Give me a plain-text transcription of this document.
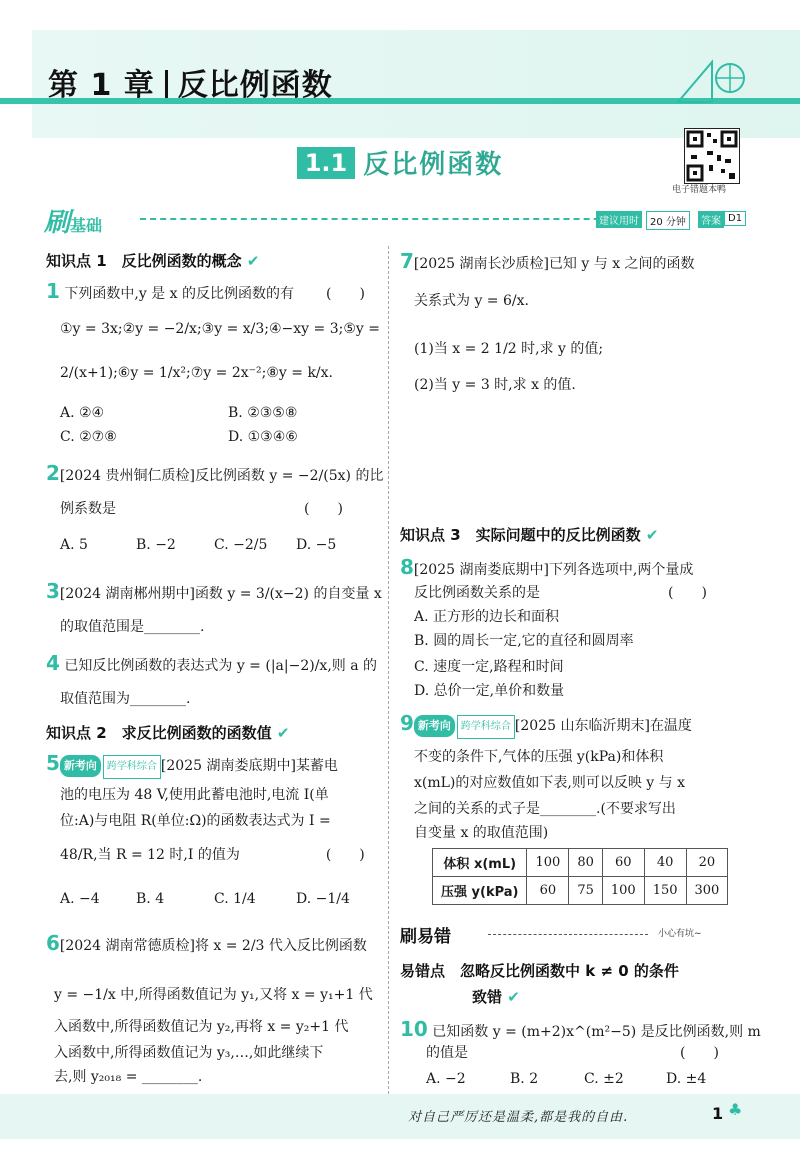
第 1 章 反比例函数
1.1 反比例函数
电子错题本鸭
刷基础	建议用时	20 分钟	答案 D1
知识点 1　反比例函数的概念 ✔
1 下列函数中,y 是 x 的反比例函数的有 (　　)
①y = 3x;②y = −2/x;③y = x/3;④−xy = 3;⑤y =
2/(x+1);⑥y = 1/x²;⑦y = 2x⁻²;⑧y = k/x.
A. ②④	B. ②③⑤⑧
C. ②⑦⑧	D. ①③④⑥
2[2024 贵州铜仁质检]反比例函数 y = −2/(5x) 的比
例系数是	(　　)
A. 5	B. −2	C. −2/5 D. −5
3[2024 湖南郴州期中]函数 y = 3/(x−2) 的自变量 x
的取值范围是________.
4 已知反比例函数的表达式为 y = (|a|−2)/x,则 a 的
取值范围为________.
知识点 2　求反比例函数的函数值 ✔
5 新考向 跨学科综合 [2025 湖南娄底期中]某蓄电
池的电压为 48 V,使用此蓄电池时,电流 I(单
位:A)与电阻 R(单位:Ω)的函数表达式为 I =
48/R,当 R = 12 时,I 的值为	(　　)
A. −4	B. 4	C. 1/4	D. −1/4
6[2024 湖南常德质检]将 x = 2/3 代入反比例函数
y = −1/x 中,所得函数值记为 y₁,又将 x = y₁+1 代
入函数中,所得函数值记为 y₂,再将 x = y₂+1 代
入函数中,所得函数值记为 y₃,…,如此继续下
去,则 y₂₀₁₈ = ________.
7[2025 湖南长沙质检]已知 y 与 x 之间的函数
关系式为 y = 6/x.
(1)当 x = 2 1/2 时,求 y 的值;
(2)当 y = 3 时,求 x 的值.
知识点 3　实际问题中的反比例函数 ✔
8[2025 湖南娄底期中]下列各选项中,两个量成
反比例函数关系的是	(　　)
A. 正方形的边长和面积
B. 圆的周长一定,它的直径和圆周率
C. 速度一定,路程和时间
D. 总价一定,单价和数量
9 新考向 跨学科综合 [2025 山东临沂期末]在温度
不变的条件下,气体的压强 y(kPa)和体积
x(mL)的对应数值如下表,则可以反映 y 与 x
之间的关系的式子是________.(不要求写出
自变量 x 的取值范围)
体积 x(mL)	100	80	60	40	20
压强 y(kPa)	60	75	100	150	300
刷易错	小心有坑~
易错点　 忽略反比例函数中 k ≠ 0 的条件
致错 ✔
10 已知函数 y = (m+2)x^(m²−5) 是反比例函数,则 m
的值是	(　　)
A. −2	B. 2	C. ±2	D. ±4
对自己严厉还是温柔,都是我的自由.	1 ♣
